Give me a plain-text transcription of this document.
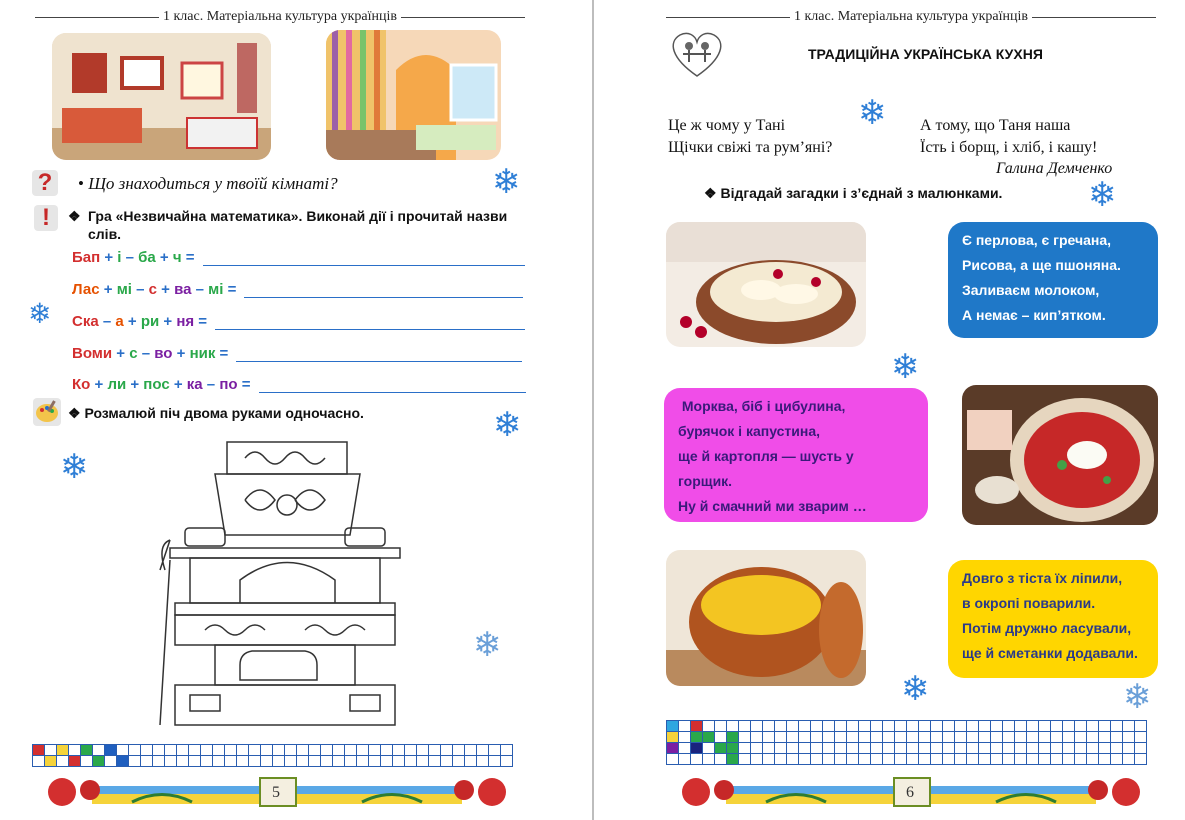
1 клас. Матеріальна культура українців
?	• Що знаходиться у твоїй кімнаті?	❄
!	❖ Гра «Незвичайна математика». Виконай дії і прочитай назви слів.
❄
Бап + і – ба + ч =
Лас + мі – с + ва – мі =
Ска – а + ри + ня =
Воми + с – во + ник =
Ко + ли + пос + ка – по =
❖ Розмалюй піч двома руками одночасно.	❄
❄
❄
5
1 клас. Матеріальна культура українців
ТРАДИЦІЙНА УКРАЇНСЬКА КУХНЯ
❄
Це ж чому у Тані
Щічки свіжі та рум’яні?
А тому, що Таня наша
Їсть і борщ, і хліб, і кашу!
Галина Демченко
❄
❖ Відгадай загадки і з’єднай з малюнками.
Є перлова, є гречана,
Рисова, а ще пшоняна.
Заливаєм молоком,
А немає – кип’ятком.
Морква, біб і цибулина,
бурячок і капустина,
ще й картопля — шусть у
горщик.
Ну й смачний ми зварим …
Довго з тіста їх ліпили,
в окропі поварили.
Потім дружно ласували,
ще й сметанки додавали.
❄
❄	❄
6
